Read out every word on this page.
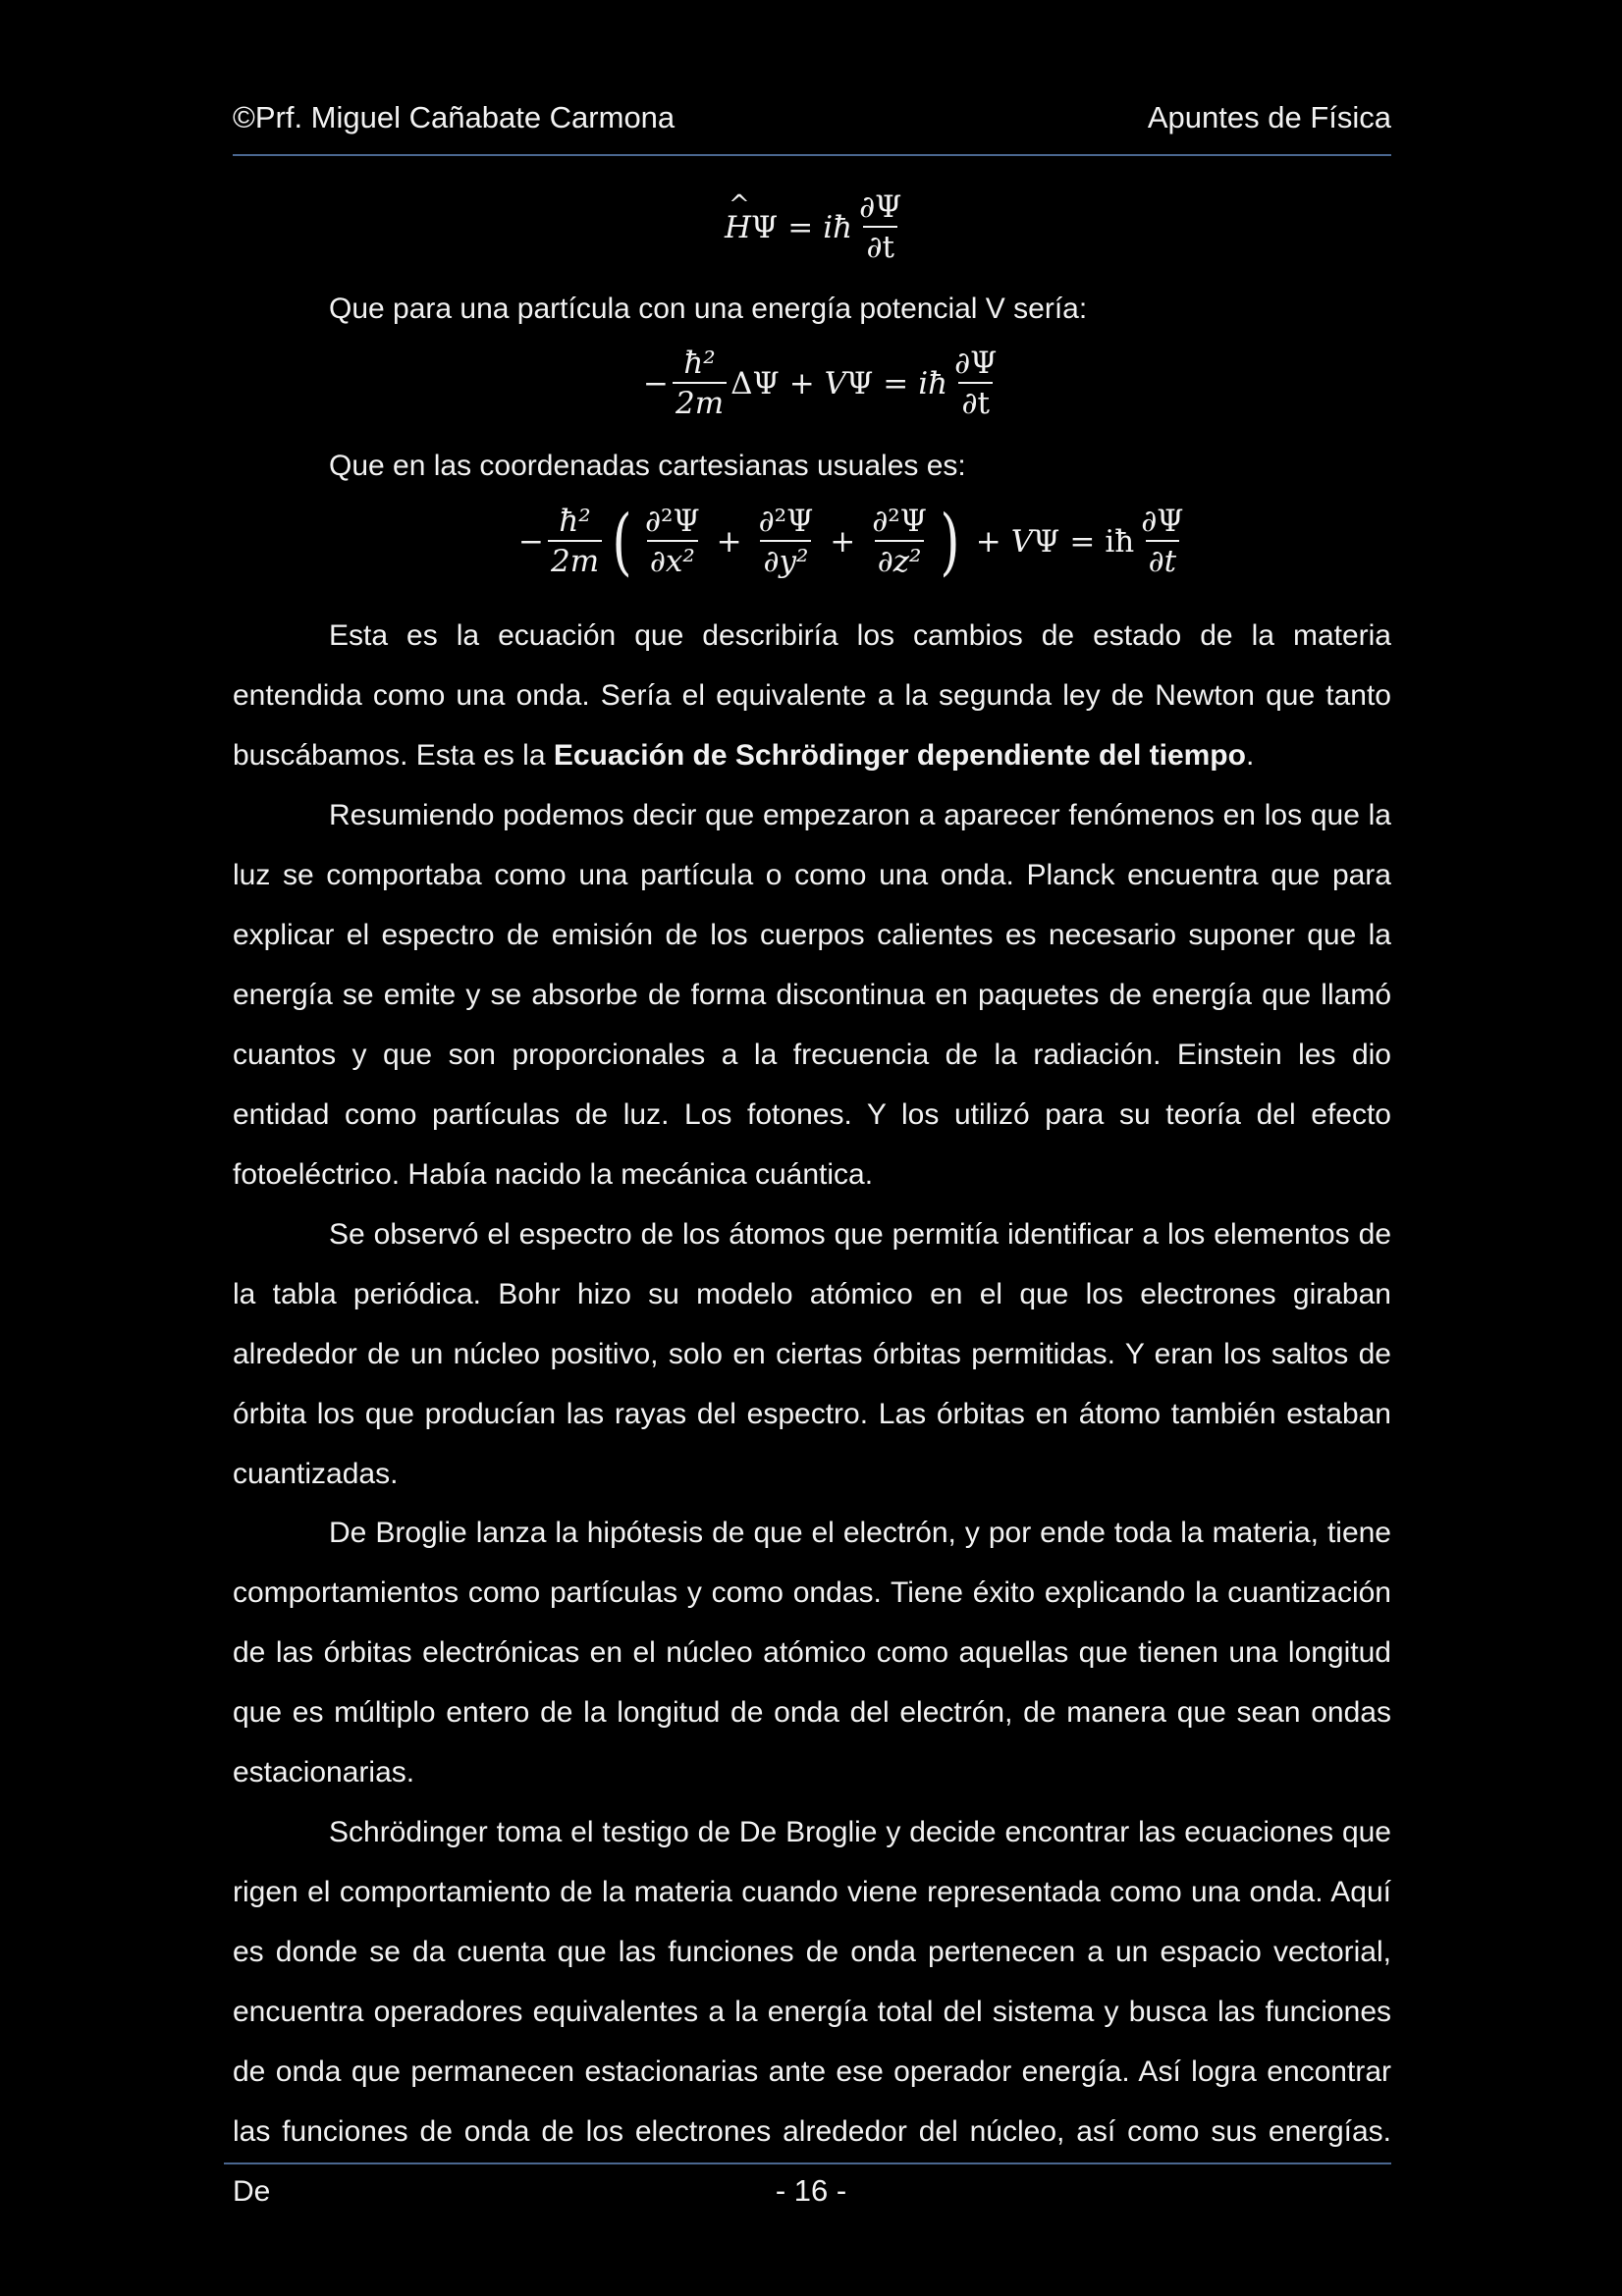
©Prf. Miguel Cañabate Carmona	Apuntes de Física
^ H Ψ = iħ $\frac{\partial\Psi}{\partial t}$
Que para una partícula con una energía potencial V sería:
− $\frac{\text{ħ²}}{2m}$ ΔΨ + V Ψ = iħ $\frac{\partial\Psi}{\partial t}$
Que en las coordenadas cartesianas usuales es:
− $\frac{\text{ħ²}}{2m}$ ( $\frac{\text{∂²Ψ}}{\text{∂x²}} + \frac{\text{∂²Ψ}}{\text{∂y²}} + \frac{\text{∂²Ψ}}{\text{∂z²}}$ ) + V Ψ = iħ $\frac{\partial\Psi}{\partial t}$
Esta es la ecuación que describiría los cambios de estado de la materia entendida como una onda. Sería el equivalente a la segunda ley de Newton que tanto buscábamos. Esta es la Ecuación de Schrödinger dependiente del tiempo.
Resumiendo podemos decir que empezaron a aparecer fenómenos en los que la luz se comportaba como una partícula o como una onda. Planck encuentra que para explicar el espectro de emisión de los cuerpos calientes es necesario suponer que la energía se emite y se absorbe de forma discontinua en paquetes de energía que llamó cuantos y que son proporcionales a la frecuencia de la radiación. Einstein les dio entidad como partículas de luz. Los fotones. Y los utilizó para su teoría del efecto fotoeléctrico. Había nacido la mecánica cuántica.
Se observó el espectro de los átomos que permitía identificar a los elementos de la tabla periódica. Bohr hizo su modelo atómico en el que los electrones giraban alrededor de un núcleo positivo, solo en ciertas órbitas permitidas. Y eran los saltos de órbita los que producían las rayas del espectro. Las órbitas en átomo también estaban cuantizadas.
De Broglie lanza la hipótesis de que el electrón, y por ende toda la materia, tiene comportamientos como partículas y como ondas. Tiene éxito explicando la cuantización de las órbitas electrónicas en el núcleo atómico como aquellas que tienen una longitud que es múltiplo entero de la longitud de onda del electrón, de manera que sean ondas estacionarias.
Schrödinger toma el testigo de De Broglie y decide encontrar las ecuaciones que rigen el comportamiento de la materia cuando viene representada como una onda. Aquí es donde se da cuenta que las funciones de onda pertenecen a un espacio vectorial, encuentra operadores equivalentes a la energía total del sistema y busca las funciones de onda que permanecen estacionarias ante ese operador energía. Así logra encontrar las funciones de onda de los electrones alrededor del núcleo, así como sus energías. De	- 16 -
